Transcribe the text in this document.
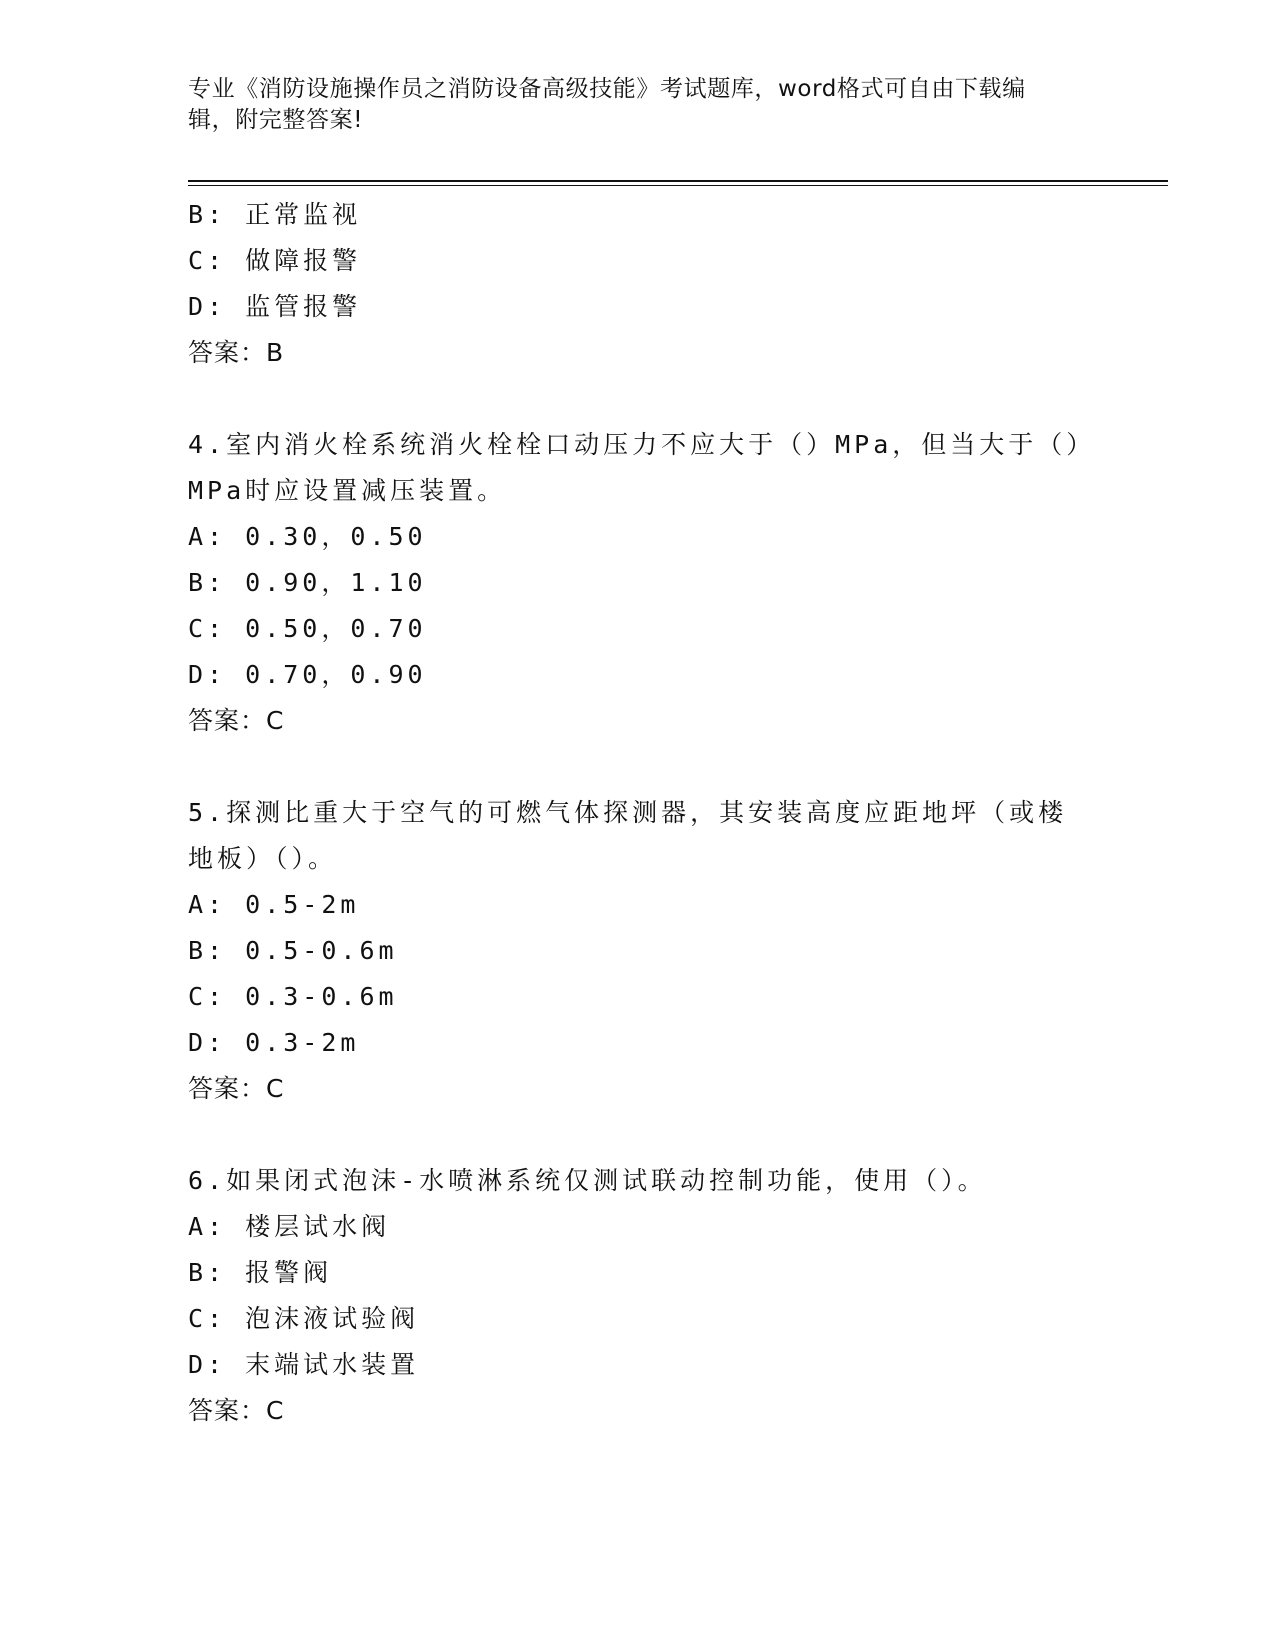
专业《消防设施操作员之消防设备高级技能》考试题库，word格式可自由下载编
辑，附完整答案!
B: 正常监视
C: 做障报警
D: 监管报警
答案：B
4.室内消火栓系统消火栓栓口动压力不应大于（）MPa，但当大于（）
MPa时应设置减压装置。
A: 0.30，0.50
B: 0.90，1.10
C: 0.50，0.70
D: 0.70，0.90
答案：C
5.探测比重大于空气的可燃气体探测器，其安装高度应距地坪（或楼
地板）（）。
A: 0.5-2m
B: 0.5-0.6m
C: 0.3-0.6m
D: 0.3-2m
答案：C
6.如果闭式泡沫-水喷淋系统仅测试联动控制功能，使用（）。
A: 楼层试水阀
B: 报警阀
C: 泡沫液试验阀
D: 末端试水装置
答案：C
